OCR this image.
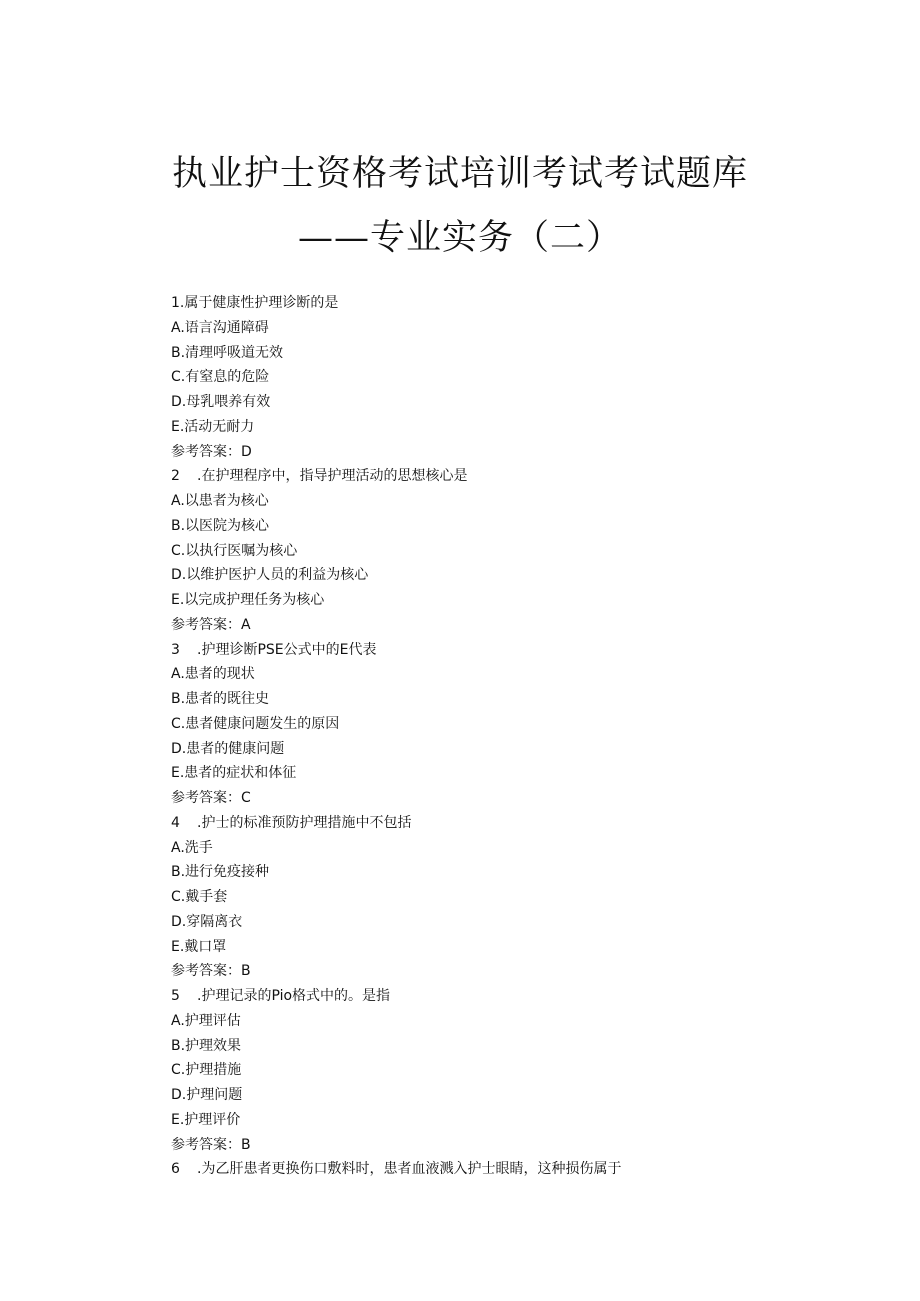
执业护士资格考试培训考试考试题库
——专业实务（二）
1.属于健康性护理诊断的是
A.语言沟通障碍
B.清理呼吸道无效
C.有窒息的危险
D.母乳喂养有效
E.活动无耐力
参考答案：D
2 .在护理程序中，指导护理活动的思想核心是
A.以患者为核心
B.以医院为核心
C.以执行医嘱为核心
D.以维护医护人员的利益为核心
E.以完成护理任务为核心
参考答案：A
3 .护理诊断PSE公式中的E代表
A.患者的现状
B.患者的既往史
C.患者健康问题发生的原因
D.患者的健康问题
E.患者的症状和体征
参考答案：C
4 .护士的标准预防护理措施中不包括
A.洗手
B.进行免疫接种
C.戴手套
D.穿隔离衣
E.戴口罩
参考答案：B
5 .护理记录的Pio格式中的。是指
A.护理评估
B.护理效果
C.护理措施
D.护理问题
E.护理评价
参考答案：B
6 .为乙肝患者更换伤口敷料时，患者血液溅入护士眼睛，这种损伤属于
